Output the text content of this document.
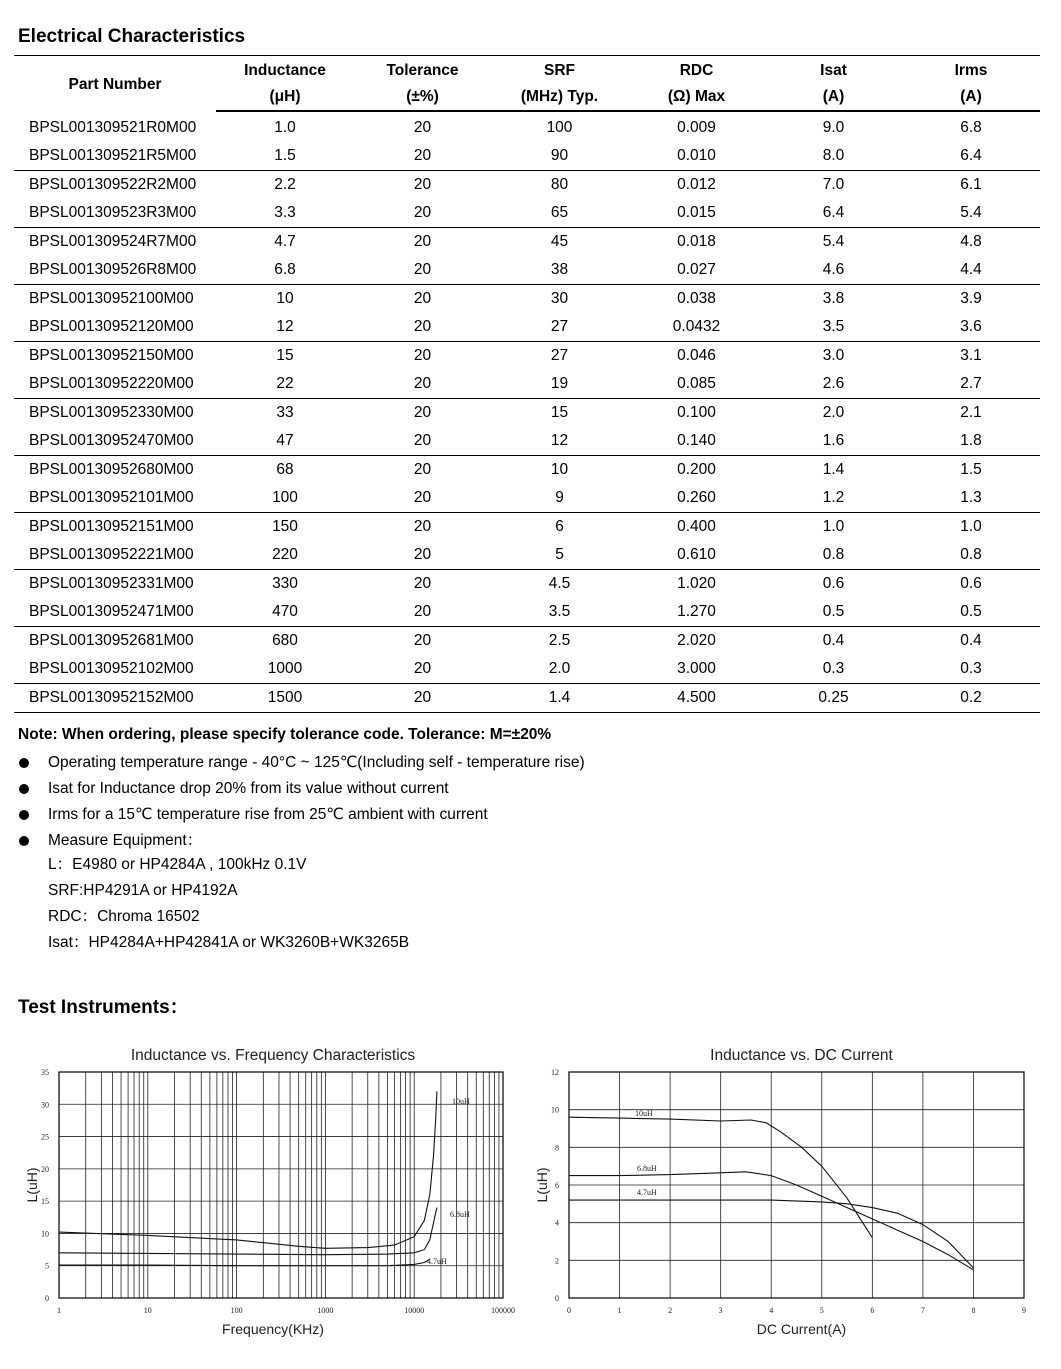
Electrical Characteristics
Part Number	Inductance	Tolerance	SRF	RDC	Isat	Irms
	(μH)	(±%)	(MHz) Typ.	(Ω) Max	(A)	(A)
BPSL001309521R0M00	1.0	20	100	0.009	9.0	6.8
BPSL001309521R5M00	1.5	20	90	0.010	8.0	6.4
BPSL001309522R2M00	2.2	20	80	0.012	7.0	6.1
BPSL001309523R3M00	3.3	20	65	0.015	6.4	5.4
BPSL001309524R7M00	4.7	20	45	0.018	5.4	4.8
BPSL001309526R8M00	6.8	20	38	0.027	4.6	4.4
BPSL00130952100M00	10	20	30	0.038	3.8	3.9
BPSL00130952120M00	12	20	27	0.0432	3.5	3.6
BPSL00130952150M00	15	20	27	0.046	3.0	3.1
BPSL00130952220M00	22	20	19	0.085	2.6	2.7
BPSL00130952330M00	33	20	15	0.100	2.0	2.1
BPSL00130952470M00	47	20	12	0.140	1.6	1.8
BPSL00130952680M00	68	20	10	0.200	1.4	1.5
BPSL00130952101M00	100	20	9	0.260	1.2	1.3
BPSL00130952151M00	150	20	6	0.400	1.0	1.0
BPSL00130952221M00	220	20	5	0.610	0.8	0.8
BPSL00130952331M00	330	20	4.5	1.020	0.6	0.6
BPSL00130952471M00	470	20	3.5	1.270	0.5	0.5
BPSL00130952681M00	680	20	2.5	2.020	0.4	0.4
BPSL00130952102M00	1000	20	2.0	3.000	0.3	0.3
BPSL00130952152M00	1500	20	1.4	4.500	0.25	0.2
Note: When ordering, please specify tolerance code. Tolerance: M=±20%
Operating temperature range - 40°C ~ 125℃(Including self - temperature rise)
Isat for Inductance drop 20% from its value without current
Irms for a 15℃ temperature rise from 25℃ ambient with current
Measure Equipment：
L：E4980 or HP4284A , 100kHz 0.1V
SRF:HP4291A or HP4192A
RDC：Chroma 16502
Isat：HP4284A+HP42841A or WK3260B+WK3265B
Test Instruments：
Inductance vs. Frequency Characteristics
1	10	100	1000	10000	100000
0
5
10
15
20
25
30
35
Frequency(KHz)
L(uH)
10uH
6.8uH
4.7uH
Inductance vs. DC Current
0	1	2	3	4	5	6	7	8	9
0
2
4
6
8
10
12
DC Current(A)
L(uH)
10uH
6.8uH
4.7uH
